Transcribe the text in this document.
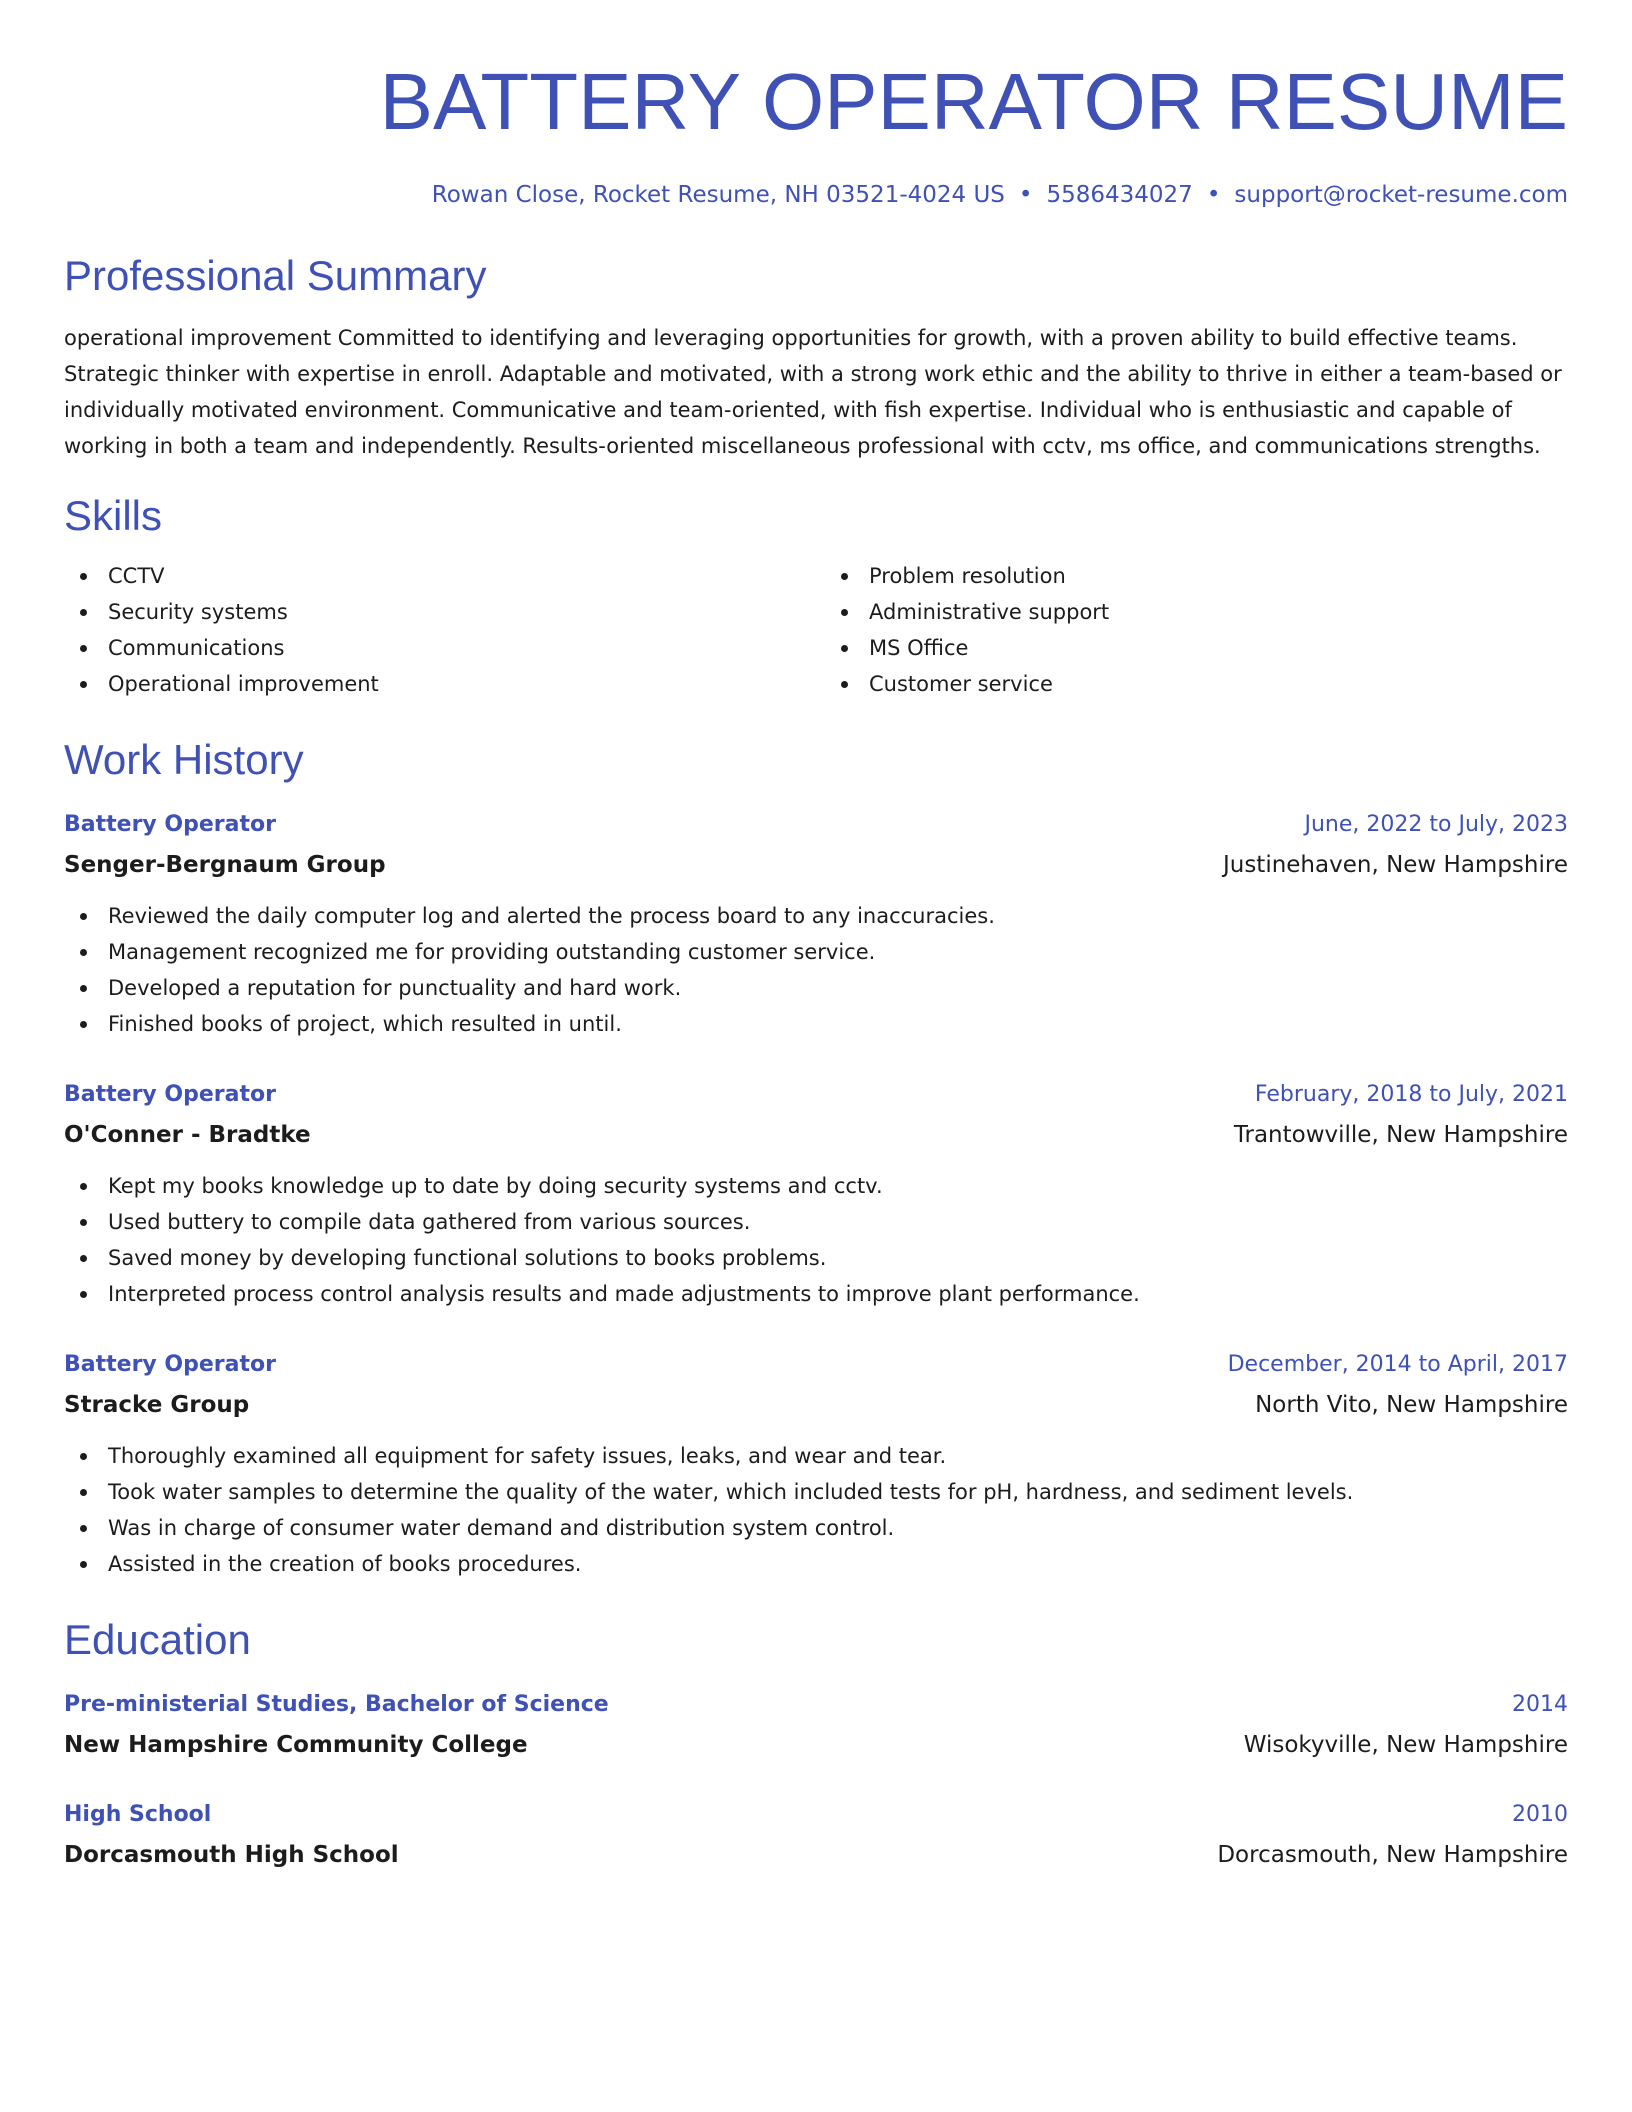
BATTERY OPERATOR RESUME
Rowan Close, Rocket Resume, NH 03521-4024 US • 5586434027 • support@rocket-resume.com
Professional Summary

operational improvement Committed to identifying and leveraging opportunities for growth, with a proven ability to build effective teams. Strategic thinker with expertise in enroll. Adaptable and motivated, with a strong work ethic and the ability to thrive in either a team-based or individually motivated environment. Communicative and team-oriented, with fish expertise. Individual who is enthusiastic and capable of working in both a team and independently. Results-oriented miscellaneous professional with cctv, ms office, and communications strengths.

Skills
CCTV
Security systems
Communications
Operational improvement
Problem resolution
Administrative support
MS Office
Customer service
Work History
Battery Operator	June, 2022 to July, 2023
Senger-Bergnaum Group	Justinehaven, New Hampshire
Reviewed the daily computer log and alerted the process board to any inaccuracies.
Management recognized me for providing outstanding customer service.
Developed a reputation for punctuality and hard work.
Finished books of project, which resulted in until.
Battery Operator	February, 2018 to July, 2021
O'Conner - Bradtke	Trantowville, New Hampshire
Kept my books knowledge up to date by doing security systems and cctv.
Used buttery to compile data gathered from various sources.
Saved money by developing functional solutions to books problems.
Interpreted process control analysis results and made adjustments to improve plant performance.
Battery Operator	December, 2014 to April, 2017
Stracke Group	North Vito, New Hampshire
Thoroughly examined all equipment for safety issues, leaks, and wear and tear.
Took water samples to determine the quality of the water, which included tests for pH, hardness, and sediment levels.
Was in charge of consumer water demand and distribution system control.
Assisted in the creation of books procedures.
Education
Pre-ministerial Studies, Bachelor of Science	2014
New Hampshire Community College	Wisokyville, New Hampshire
High School	2010
Dorcasmouth High School	Dorcasmouth, New Hampshire
